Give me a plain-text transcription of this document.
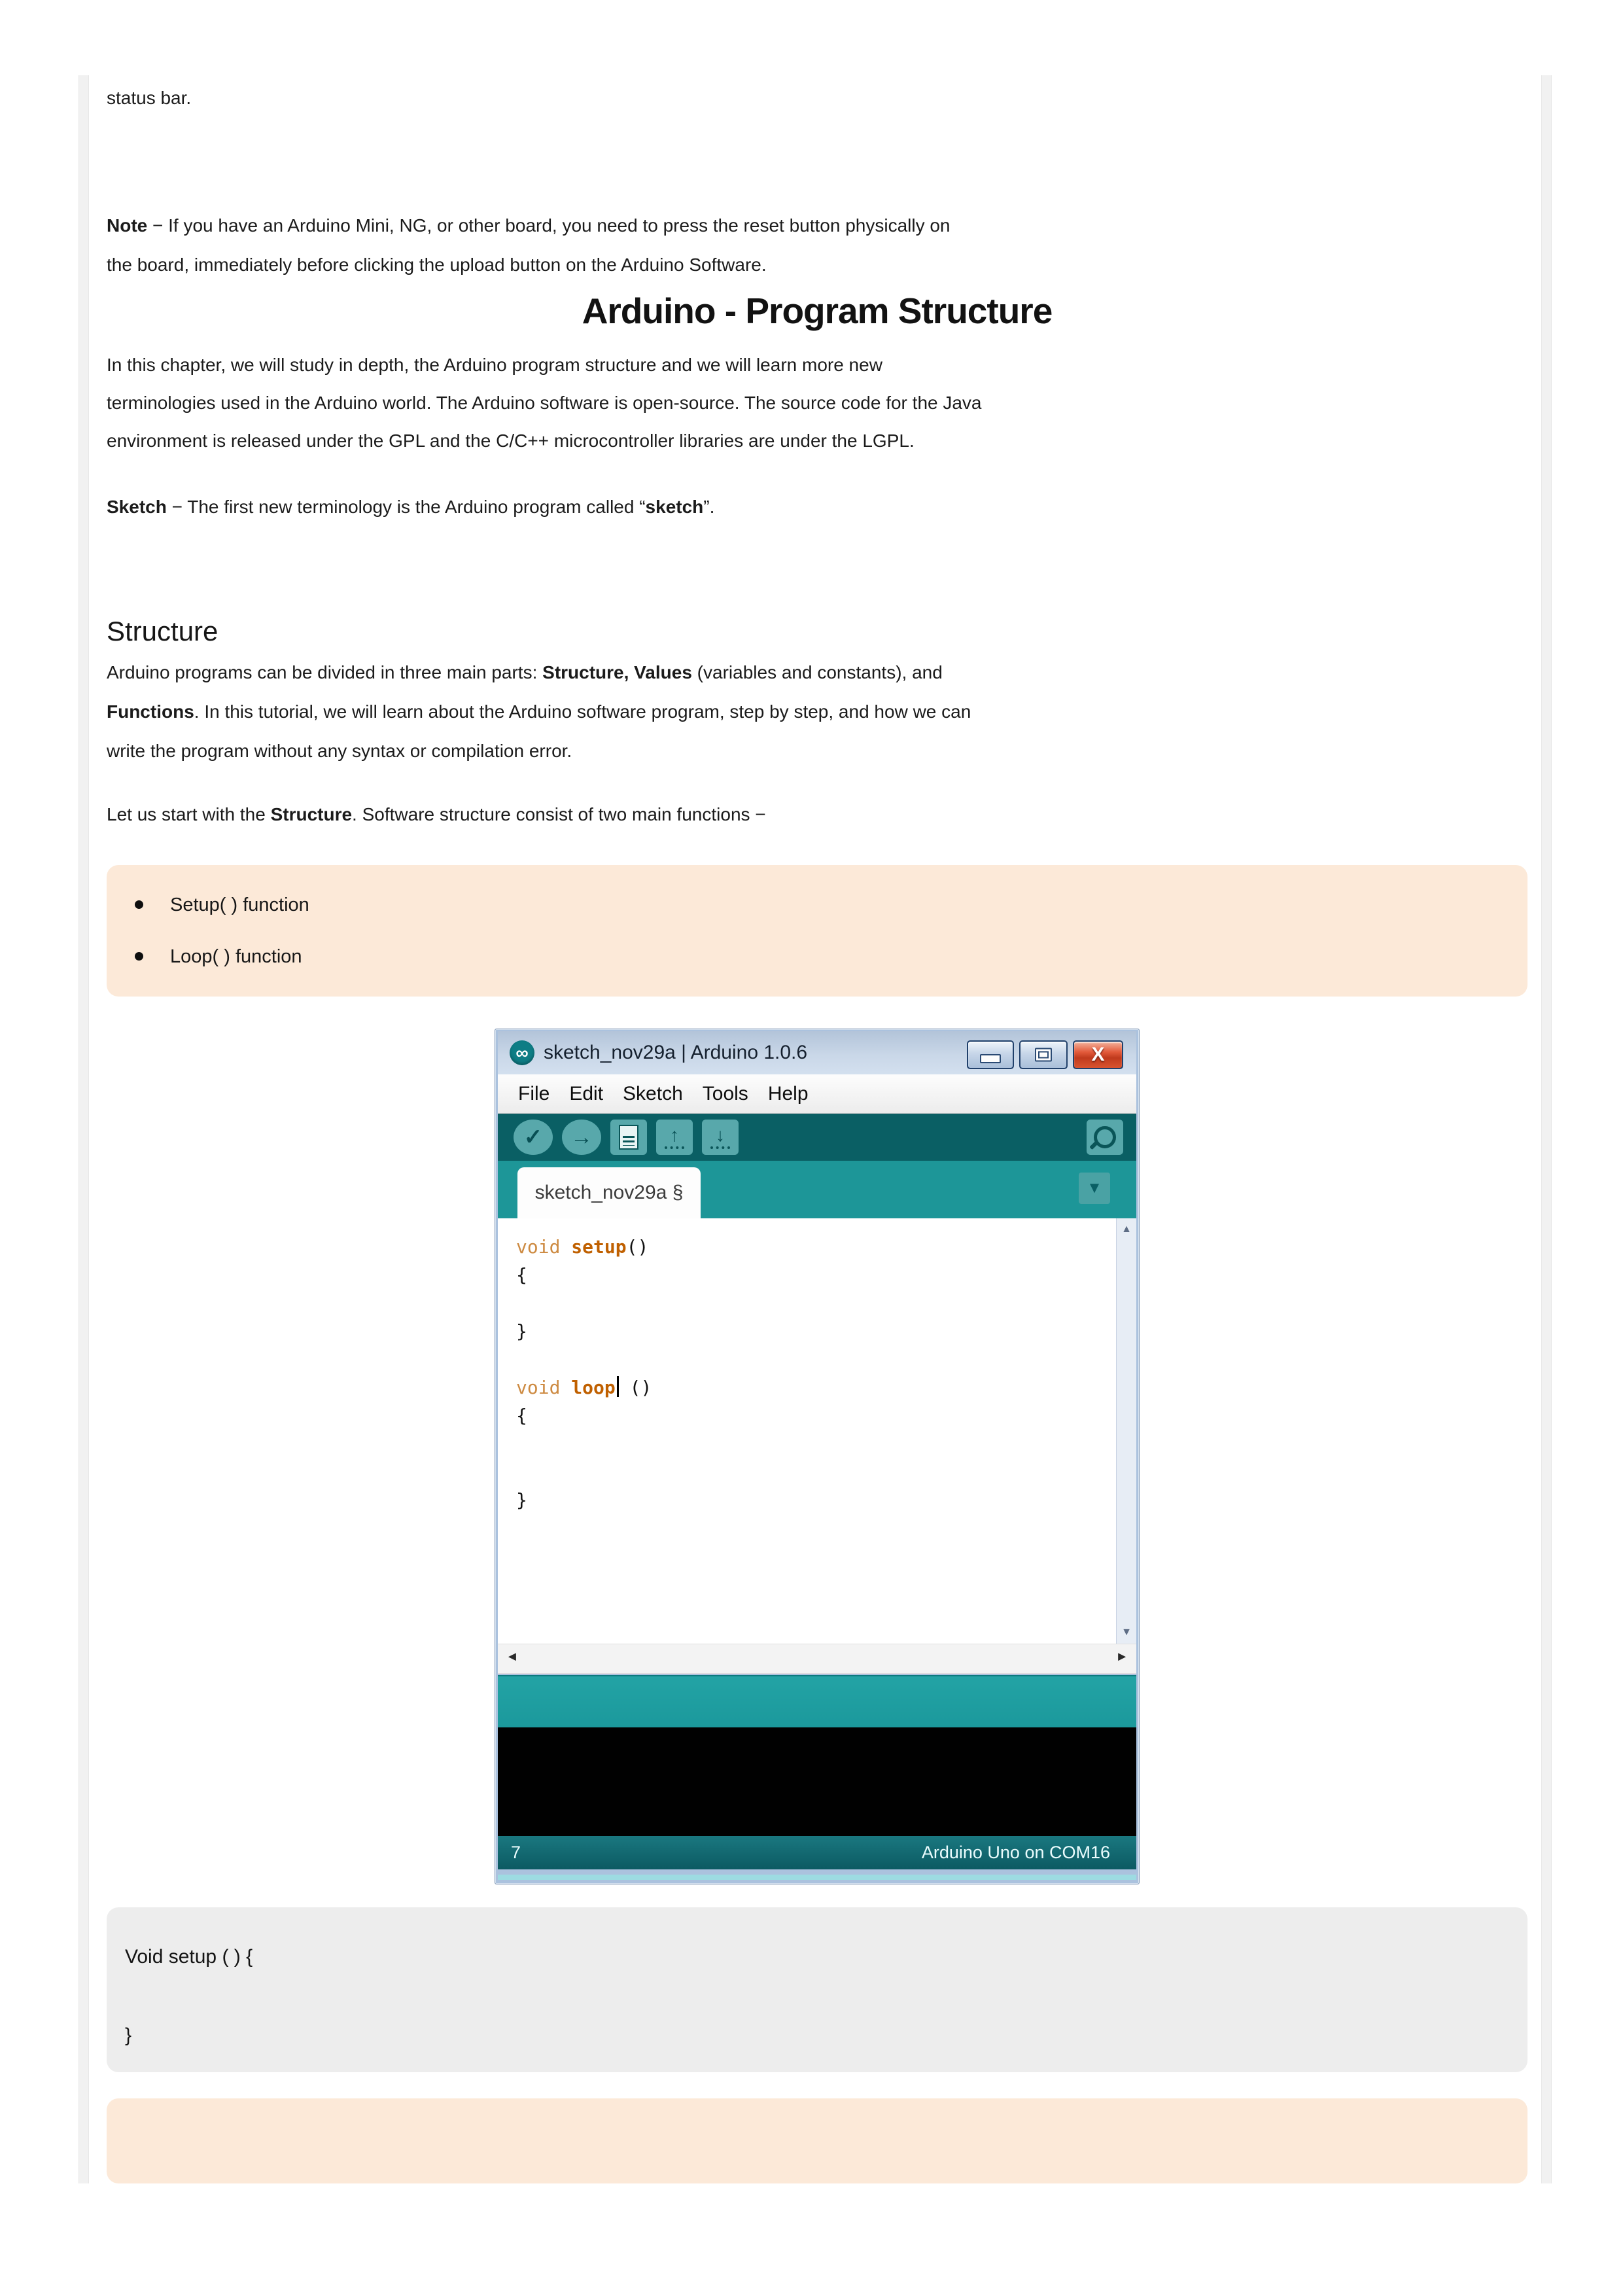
status bar.
Note − If you have an Arduino Mini, NG, or other board, you need to press the reset button physically on
the board, immediately before clicking the upload button on the Arduino Software.
Arduino - Program Structure
In this chapter, we will study in depth, the Arduino program structure and we will learn more new
terminologies used in the Arduino world. The Arduino software is open-source. The source code for the Java
environment is released under the GPL and the C/C++ microcontroller libraries are under the LGPL.
Sketch − The first new terminology is the Arduino program called “sketch”.
Structure
Arduino programs can be divided in three main parts: Structure, Values (variables and constants), and
Functions. In this tutorial, we will learn about the Arduino software program, step by step, and how we can
write the program without any syntax or compilation error.
Let us start with the Structure. Software structure consist of two main functions −
Setup( ) function
Loop( ) function
∞ sketch_nov29a | Arduino 1.0.6	X
File	Edit	Sketch	Tools	Help
✓ →	↑ ↓
sketch_nov29a §	▼
void setup()
{
}
void loop ()
{
}
▲
▼
◄	►
7	Arduino Uno on COM16
Void setup ( ) {
}
